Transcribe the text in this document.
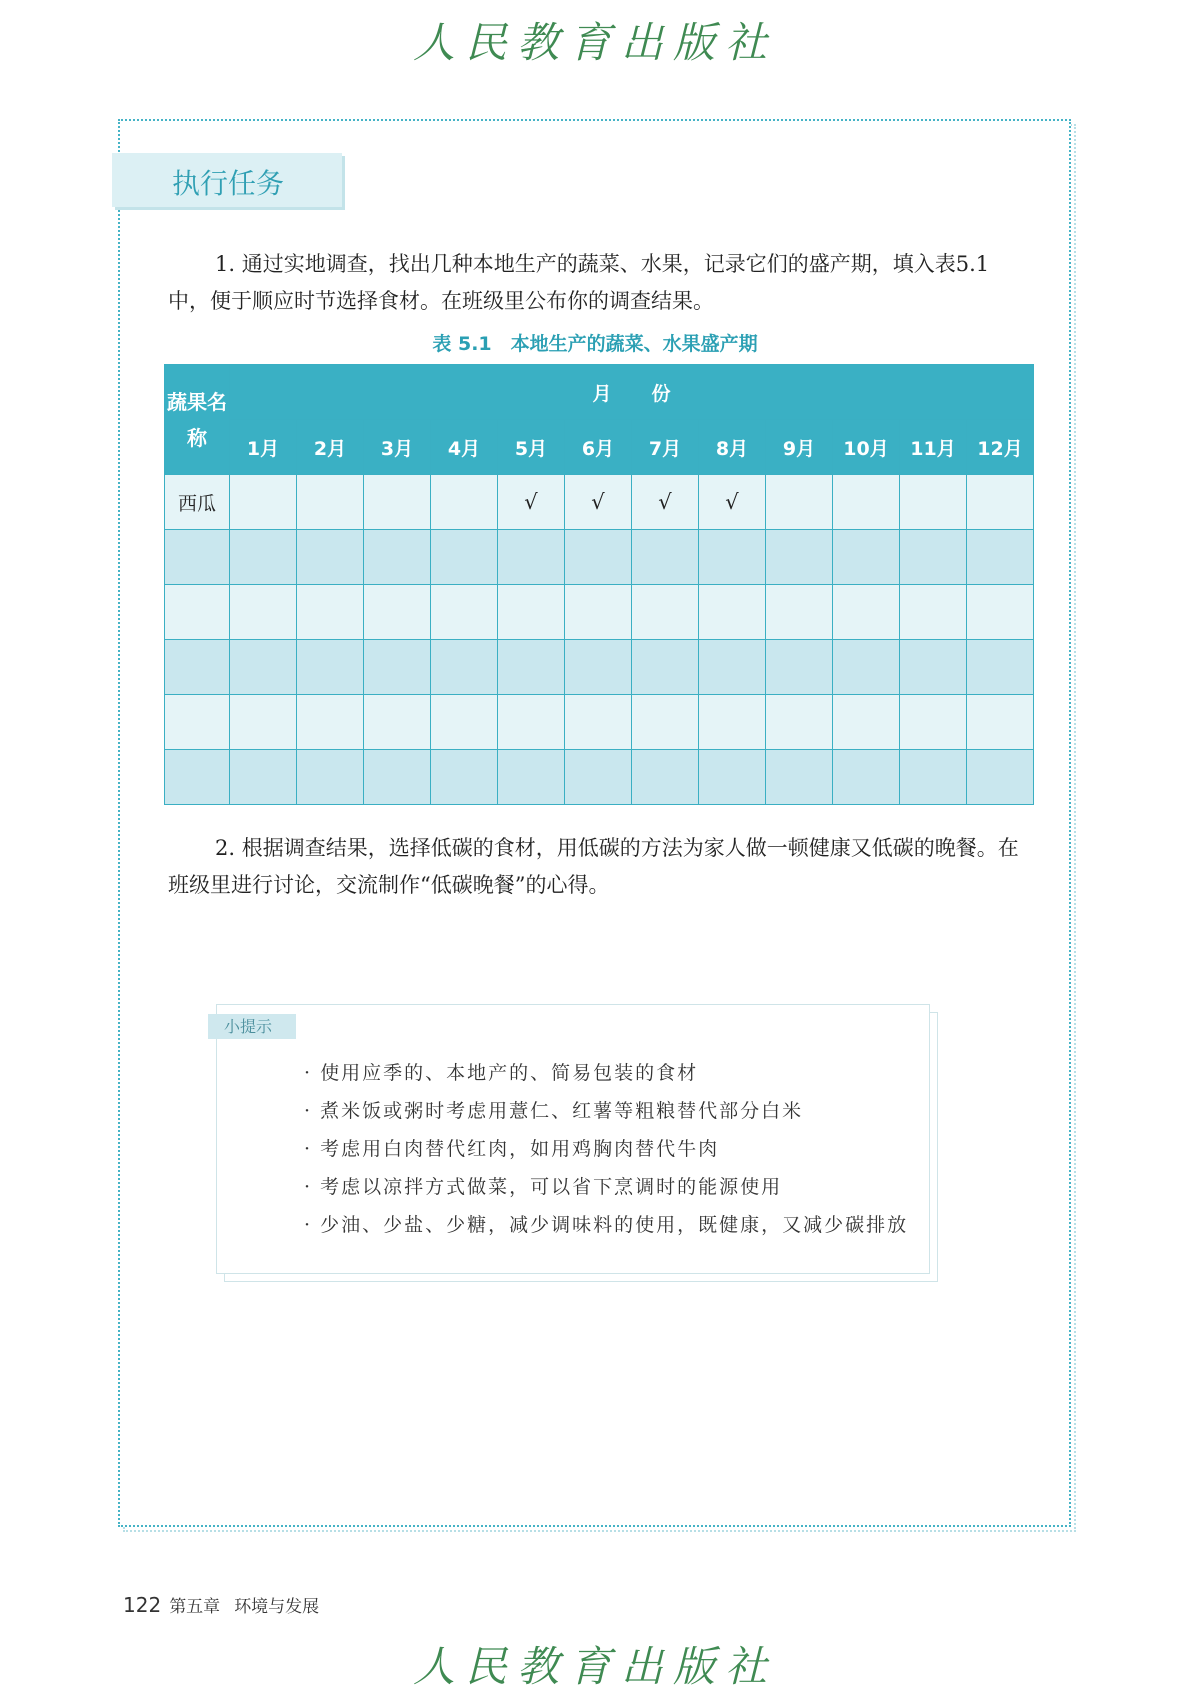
人民教育出版社
执行任务
1. 通过实地调查，找出几种本地生产的蔬菜、水果，记录它们的盛产期，填入表5.1中，便于顺应时节选择食材。在班级里公布你的调查结果。
表 5.1　本地生产的蔬菜、水果盛产期
蔬果名称	月份											
	1月	2月	3月	4月	5月	6月	7月	8月	9月	10月	11月	12月
西瓜					√	√	√	√				

2. 根据调查结果，选择低碳的食材，用低碳的方法为家人做一顿健康又低碳的晚餐。在班级里进行讨论，交流制作“低碳晚餐”的心得。
小提示
· 使用应季的、本地产的、简易包装的食材
· 煮米饭或粥时考虑用薏仁、红薯等粗粮替代部分白米
· 考虑用白肉替代红肉，如用鸡胸肉替代牛肉
· 考虑以凉拌方式做菜，可以省下烹调时的能源使用
· 少油、少盐、少糖，减少调味料的使用，既健康，又减少碳排放
122 第五章 环境与发展
人民教育出版社
